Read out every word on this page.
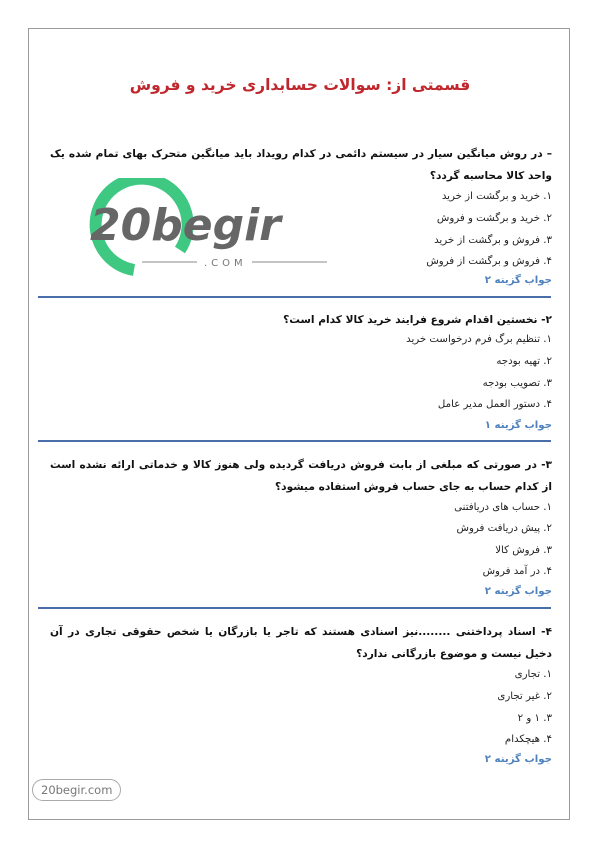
قسمتی از: سوالات حسابداری خرید و فروش
20begir
.COM
– در روش میانگین سیار در سیستم دائمی در کدام رویداد باید میانگین متحرک بهای تمام شده یک واحد کالا محاسبه گردد؟
۱. خرید و برگشت از خرید
۲. خرید و برگشت و فروش
۳. فروش و برگشت از خرید
۴. فروش و برگشت از فروش
جواب گزینه ۲
۲- نخستین اقدام شروع فرایند خرید کالا کدام است؟
۱. تنظیم برگ فرم درخواست خرید
۲. تهیه بودجه
۳. تصویب بودجه
۴. دستور العمل مدیر عامل
جواب گزینه ۱
۳- در صورتی که مبلغی از بابت فروش دریافت گردیده ولی هنوز کالا و خدماتی ارائه نشده است از کدام حساب به جای حساب فروش استفاده میشود؟
۱. حساب های دریافتنی
۲. پیش دریافت فروش
۳. فروش کالا
۴. در آمد فروش
جواب گزینه ۲
۴- اسناد پرداختنی ........نیز اسنادی هستند که تاجر یا بازرگان یا شخص حقوقی تجاری در آن دخیل نیست و موضوع بازرگانی ندارد؟
۱. تجاری
۲. غیر تجاری
۳. ۱ و ۲
۴. هیچکدام
جواب گزینه ۲
20begir.com
